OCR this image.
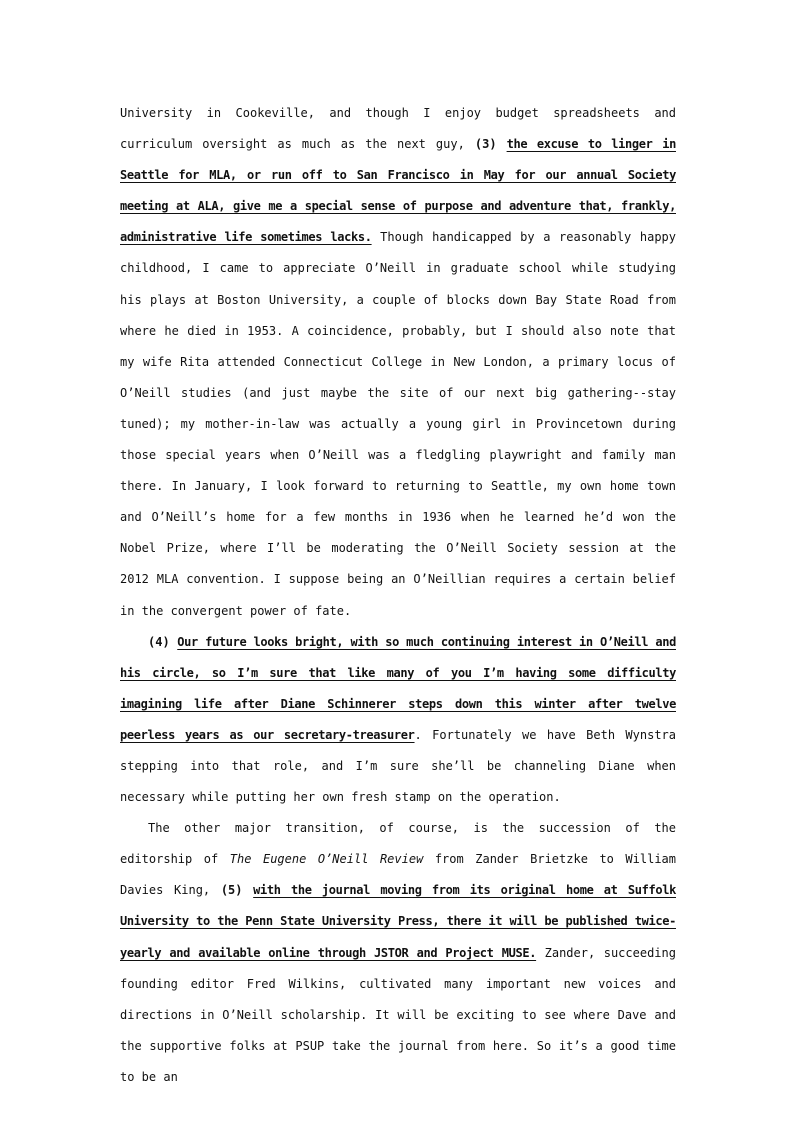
University in Cookeville, and though I enjoy budget spreadsheets and curriculum oversight as much as the next guy, (3) the excuse to linger in Seattle for MLA, or run off to San Francisco in May for our annual Society meeting at ALA, give me a special sense of purpose and adventure that, frankly, administrative life sometimes lacks. Though handicapped by a reasonably happy childhood, I came to appreciate O’Neill in graduate school while studying his plays at Boston University, a couple of blocks down Bay State Road from where he died in 1953. A coincidence, probably, but I should also note that my wife Rita attended Connecticut College in New London, a primary locus of O’Neill studies (and just maybe the site of our next big gathering--stay tuned); my mother-in-law was actually a young girl in Provincetown during those special years when O’Neill was a fledgling playwright and family man there. In January, I look forward to returning to Seattle, my own home town and O’Neill’s home for a few months in 1936 when he learned he’d won the Nobel Prize, where I’ll be moderating the O’Neill Society session at the 2012 MLA convention. I suppose being an O’Neillian requires a certain belief in the convergent power of fate.

(4) Our future looks bright, with so much continuing interest in O’Neill and his circle, so I’m sure that like many of you I’m having some difficulty imagining life after Diane Schinnerer steps down this winter after twelve peerless years as our secretary-treasurer. Fortunately we have Beth Wynstra stepping into that role, and I’m sure she’ll be channeling Diane when necessary while putting her own fresh stamp on the operation.

The other major transition, of course, is the succession of the editorship of The Eugene O’Neill Review from Zander Brietzke to William Davies King, (5) with the journal moving from its original home at Suffolk University to the Penn State University Press, there it will be published twice-yearly and available online through JSTOR and Project MUSE. Zander, succeeding founding editor Fred Wilkins, cultivated many important new voices and directions in O’Neill scholarship. It will be exciting to see where Dave and the supportive folks at PSUP take the journal from here. So it’s a good time to be an
